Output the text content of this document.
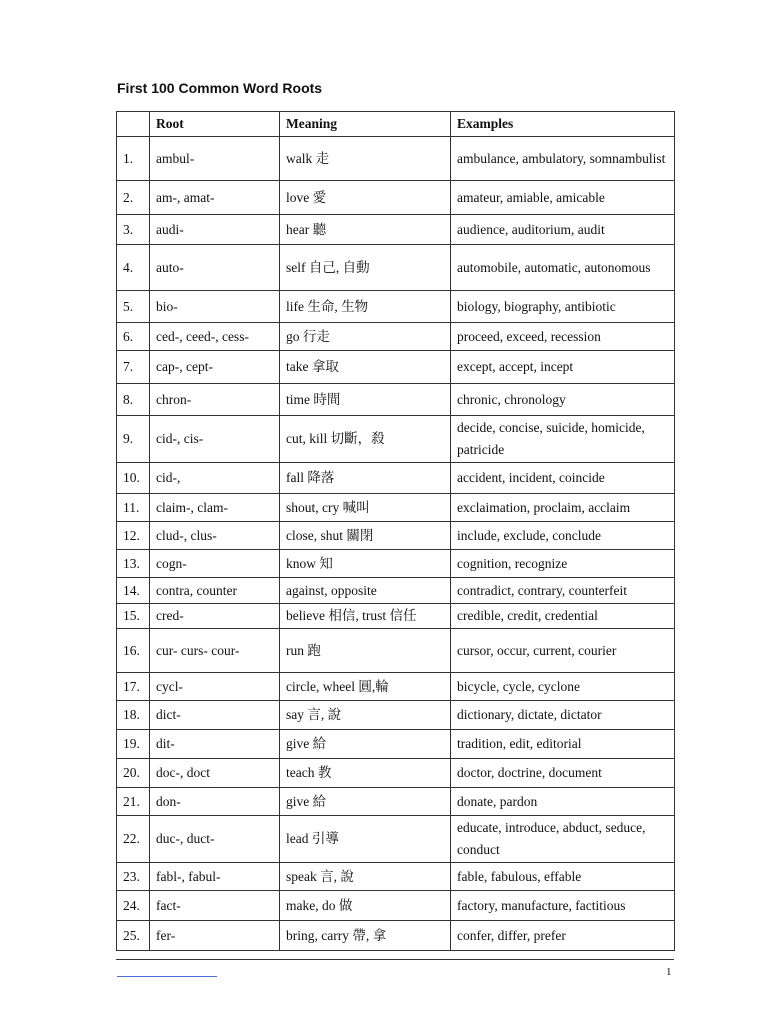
First 100 Common Word Roots
	Root	Meaning	Examples
1.	ambul-	walk 走	ambulance, ambulatory, somnambulist
2.	am-, amat-	love 愛	amateur, amiable, amicable
3.	audi-	hear 聽	audience, auditorium, audit
4.	auto-	self 自己, 自動	automobile, automatic, autonomous
5.	bio-	life 生命, 生物	biology, biography, antibiotic
6.	ced-, ceed-, cess-	go 行走	proceed, exceed, recession
7.	cap-, cept-	take 拿取	except, accept, incept
8.	chron-	time 時間	chronic, chronology
9.	cid-, cis-	cut, kill 切斷，殺	decide, concise, suicide, homicide, patricide
10.	cid-,	fall 降落	accident, incident, coincide
11.	claim-, clam-	shout, cry 喊叫	exclaimation, proclaim, acclaim
12.	clud-, clus-	close, shut 關閉	include, exclude, conclude
13.	cogn-	know 知	cognition, recognize
14.	contra, counter	against, opposite	contradict, contrary, counterfeit
15.	cred-	believe 相信, trust 信任	credible, credit, credential
16.	cur- curs- cour-	run 跑	cursor, occur, current, courier
17.	cycl-	circle, wheel 圓,輪	bicycle, cycle, cyclone
18.	dict-	say 言, 說	dictionary, dictate, dictator
19.	dit-	give 給	tradition, edit, editorial
20.	doc-, doct	teach 教	doctor, doctrine, document
21.	don-	give 給	donate, pardon
22.	duc-, duct-	lead 引導	educate, introduce, abduct, seduce, conduct
23.	fabl-, fabul-	speak 言, 說	fable, fabulous, effable
24.	fact-	make, do 做	factory, manufacture, factitious
25.	fer-	bring, carry 帶, 拿	confer, differ, prefer
1
